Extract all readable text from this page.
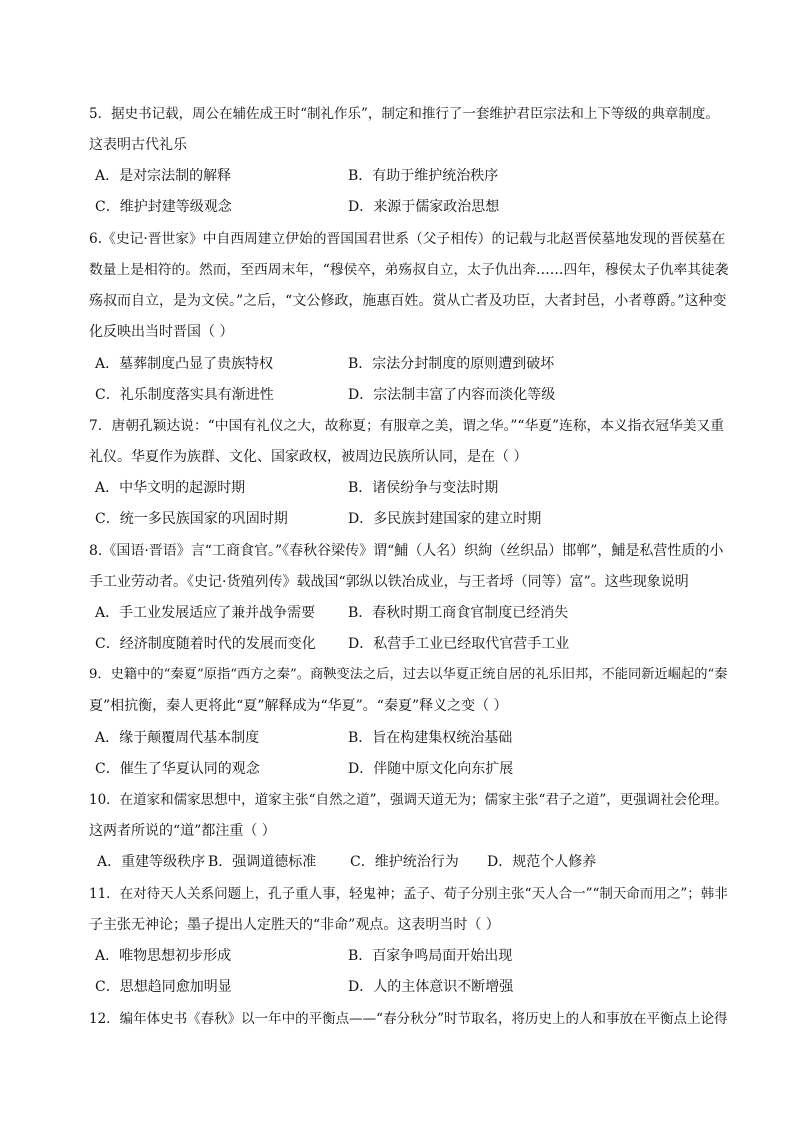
5．据史书记载，周公在辅佐成王时“制礼作乐”，制定和推行了一套维护君臣宗法和上下等级的典章制度。
这表明古代礼乐
A．是对宗法制的解释	B．有助于维护统治秩序
C．维护封建等级观念	D．来源于儒家政治思想
6.《史记·晋世家》中自西周建立伊始的晋国国君世系（父子相传）的记载与北赵晋侯墓地发现的晋侯墓在
数量上是相符的。然而，至西周末年，“穆侯卒，弟殇叔自立，太子仇出奔……四年，穆侯太子仇率其徒袭
殇叔而自立，是为文侯。”之后，“文公修政，施惠百姓。赏从亡者及功臣，大者封邑，小者尊爵。”这种变
化反映出当时晋国（ ）
A．墓葬制度凸显了贵族特权	B．宗法分封制度的原则遭到破坏
C．礼乐制度落实具有渐进性	D．宗法制丰富了内容而淡化等级
7．唐朝孔颖达说：“中国有礼仪之大，故称夏；有服章之美，谓之华。”“华夏”连称，本义指衣冠华美又重
礼仪。华夏作为族群、文化、国家政权，被周边民族所认同，是在（ ）
A．中华文明的起源时期	B．诸侯纷争与变法时期
C．统一多民族国家的巩固时期	D．多民族封建国家的建立时期
8.《国语·晋语》言“工商食官。”《春秋谷梁传》谓“鯆（人名）织絇（丝织品）邯郸”，鯆是私营性质的小
手工业劳动者。《史记·货殖列传》载战国“郭纵以铁冶成业，与王者埒（同等）富”。这些现象说明
A．手工业发展适应了兼并战争需要 B．春秋时期工商食官制度已经消失
C．经济制度随着时代的发展而变化 D．私营手工业已经取代官营手工业
9．史籍中的“秦夏”原指“西方之秦”。商鞅变法之后，过去以华夏正统自居的礼乐旧邦，不能同新近崛起的“秦
夏”相抗衡，秦人更将此“夏”解释成为“华夏”。“秦夏”释义之变（ ）
A．缘于颠覆周代基本制度	B．旨在构建集权统治基础
C．催生了华夏认同的观念	D．伴随中原文化向东扩展
10．在道家和儒家思想中，道家主张“自然之道”，强调天道无为；儒家主张“君子之道”，更强调社会伦理。
这两者所说的“道”都注重（ ）
A．重建等级秩序 B．强调道德标准 C．维护统治行为 D．规范个人修养
11．在对待天人关系问题上，孔子重人事，轻鬼神；孟子、荀子分别主张“天人合一”“制天命而用之”；韩非
子主张无神论；墨子提出人定胜天的“非命”观点。这表明当时（ ）
A．唯物思想初步形成	B．百家争鸣局面开始出现
C．思想趋同愈加明显	D．人的主体意识不断增强
12．编年体史书《春秋》以一年中的平衡点——“春分秋分”时节取名，将历史上的人和事放在平衡点上论得
